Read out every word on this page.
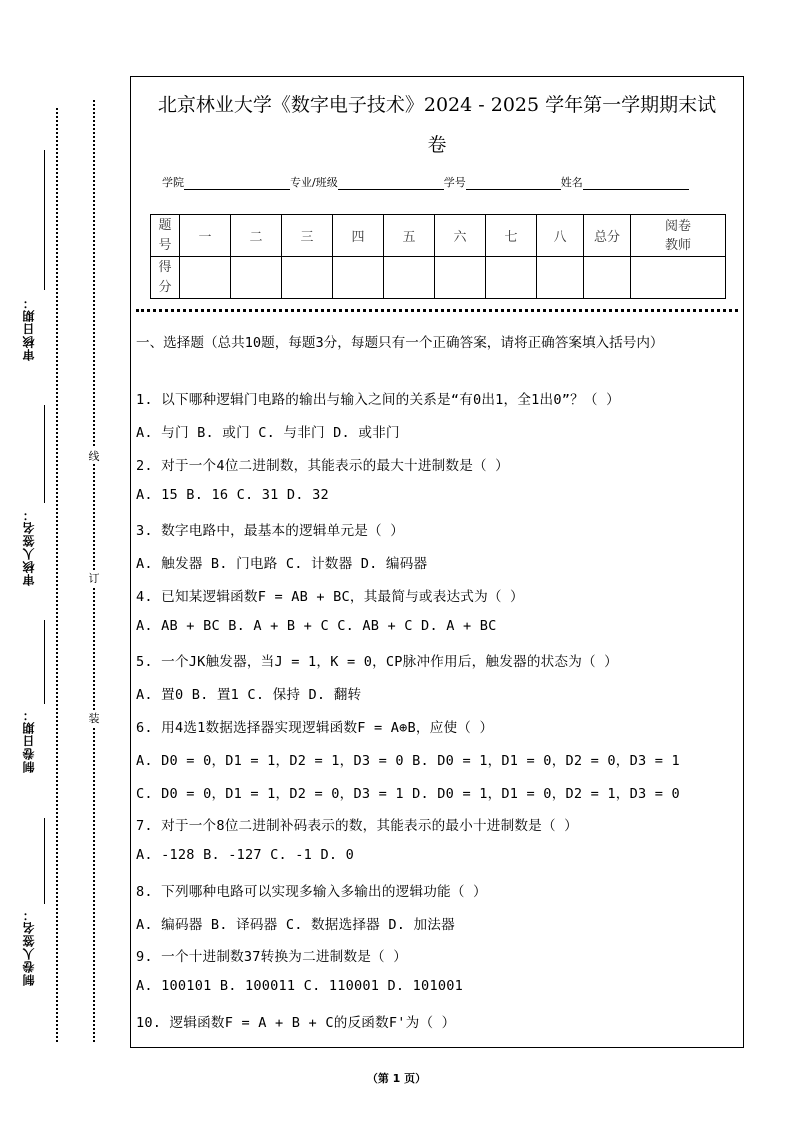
审核日期：
审核人签名：
制卷日期：
制卷人签名：
线
订
装
北京林业大学《数字电子技术》2024 - 2025 学年第一学期期末试
卷
学院	专业/班级	学号	姓名
题号	一	二	三	四	五	六	七	八	总分	阅卷教师

得分										

一、选择题（总共10题，每题3分，每题只有一个正确答案，请将正确答案填入括号内）
1. 以下哪种逻辑门电路的输出与输入之间的关系是“有0出1，全1出0”？（ ）
A. 与门 B. 或门 C. 与非门 D. 或非门
2. 对于一个4位二进制数，其能表示的最大十进制数是（ ）
A. 15 B. 16 C. 31 D. 32
3. 数字电路中，最基本的逻辑单元是（ ）
A. 触发器 B. 门电路 C. 计数器 D. 编码器
4. 已知某逻辑函数F = AB + BC，其最简与或表达式为（ ）
A. AB + BC B. A + B + C C. AB + C D. A + BC
5. 一个JK触发器，当J = 1，K = 0，CP脉冲作用后，触发器的状态为（ ）
A. 置0 B. 置1 C. 保持 D. 翻转
6. 用4选1数据选择器实现逻辑函数F = A⊕B，应使（ ）
A. D0 = 0，D1 = 1，D2 = 1，D3 = 0 B. D0 = 1，D1 = 0，D2 = 0，D3 = 1
C. D0 = 0，D1 = 1，D2 = 0，D3 = 1 D. D0 = 1，D1 = 0，D2 = 1，D3 = 0
7. 对于一个8位二进制补码表示的数，其能表示的最小十进制数是（ ）
A. -128 B. -127 C. -1 D. 0
8. 下列哪种电路可以实现多输入多输出的逻辑功能（ ）
A. 编码器 B. 译码器 C. 数据选择器 D. 加法器
9. 一个十进制数37转换为二进制数是（ ）
A. 100101 B. 100011 C. 110001 D. 101001
10. 逻辑函数F = A + B + C的反函数F'为（ ）
（第 1 页）
